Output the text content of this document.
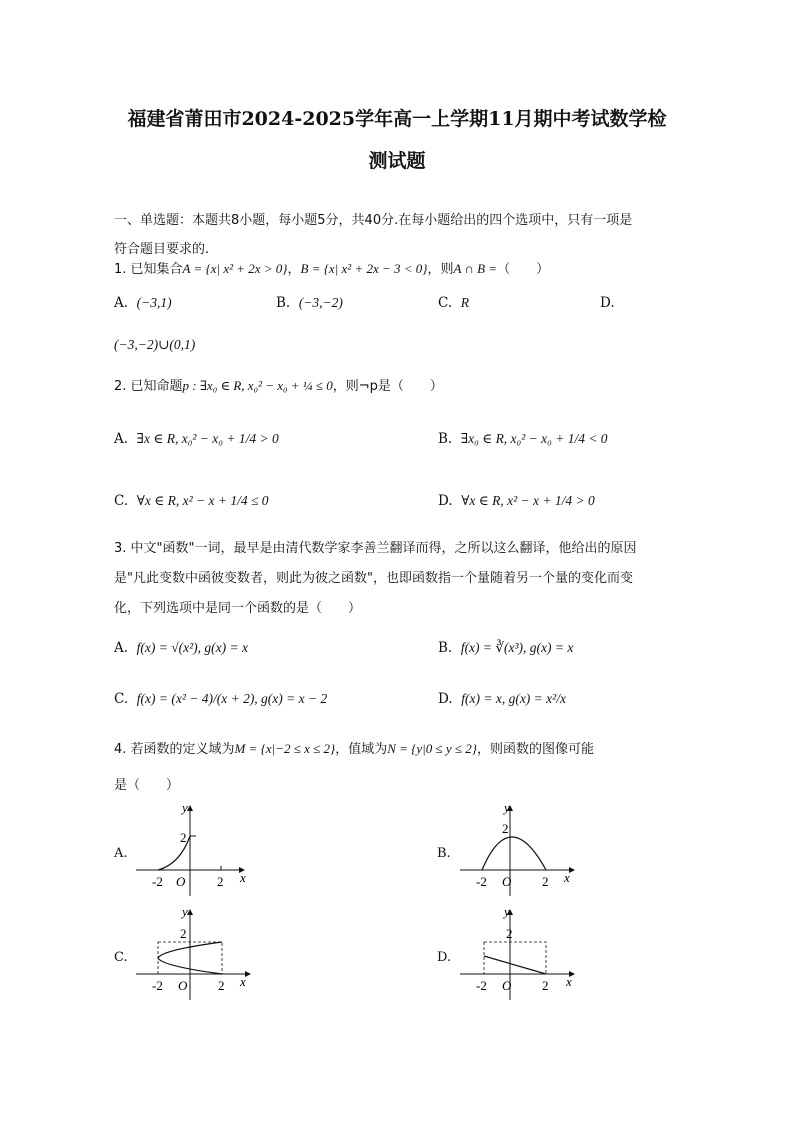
福建省莆田市2024-2025学年高一上学期11月期中考试数学检
测试题
一、单选题：本题共8小题，每小题5分，共40分.在每小题给出的四个选项中，只有一项是
符合题目要求的.
1. 已知集合A = {x| x² + 2x > 0}，B = {x| x² + 2x − 3 < 0}，则A ∩ B =（　　）
A. (−3,1)	B. (−3,−2)	C. R	D.
(−3,−2)∪(0,1)
2. 已知命题p : ∃x₀ ∈ R, x₀² − x₀ + ¼ ≤ 0，则¬p是（　　）
A. ∃x ∈ R, x₀² − x₀ + 1/4 > 0	B. ∃x₀ ∈ R, x₀² − x₀ + 1/4 < 0
C. ∀x ∈ R, x² − x + 1/4 ≤ 0	D. ∀x ∈ R, x² − x + 1/4 > 0
3. 中文"函数"一词，最早是由清代数学家李善兰翻译而得，之所以这么翻译，他给出的原因
是"凡此变数中函彼变数者，则此为彼之函数"，也即函数指一个量随着另一个量的变化而变
化，下列选项中是同一个函数的是（　　）
A. f(x) = √(x²), g(x) = x	B. f(x) = ∛(x³), g(x) = x
C. f(x) = (x² − 4)/(x + 2), g(x) = x − 2	D. f(x) = x, g(x) = x²/x
4. 若函数的定义域为M = {x|−2 ≤ x ≤ 2}，值域为N = {y|0 ≤ y ≤ 2}，则函数的图像可能
是（　　）
A.	B.
C.	D.
2
y
x
O
-2	2
2
y
x
O
-2	2
2
y
x
O
-2	2
2
y
x
O
-2	2
